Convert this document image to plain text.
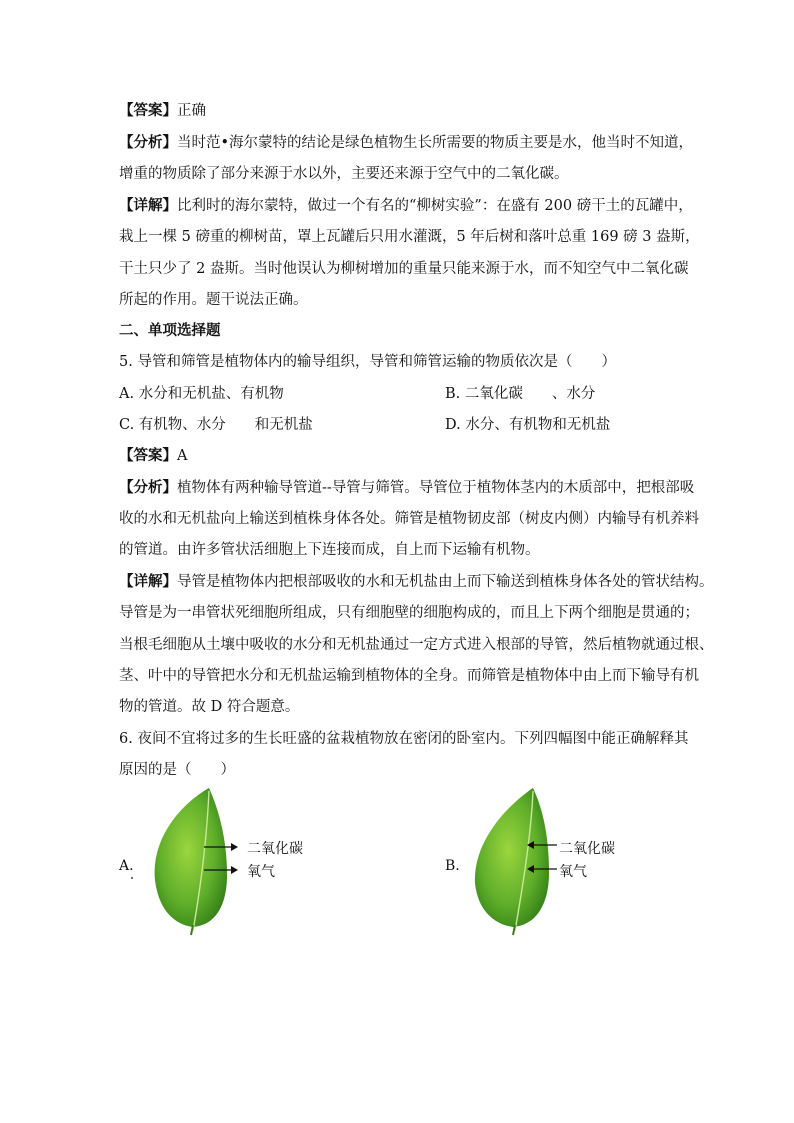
【答案】正确
【分析】当时范•海尔蒙特的结论是绿色植物生长所需要的物质主要是水，他当时不知道，
增重的物质除了部分来源于水以外，主要还来源于空气中的二氧化碳。
【详解】比利时的海尔蒙特，做过一个有名的“柳树实验”：在盛有 200 磅干土的瓦罐中，
栽上一棵 5 磅重的柳树苗，罩上瓦罐后只用水灌溉，5 年后树和落叶总重 169 磅 3 盎斯，
干土只少了 2 盎斯。当时他误认为柳树增加的重量只能来源于水，而不知空气中二氧化碳
所起的作用。题干说法正确。
二、单项选择题
5. 导管和筛管是植物体内的输导组织，导管和筛管运输的物质依次是（　　）
A. 水分和无机盐、有机物	B. 二氧化碳　　、水分
C. 有机物、水分　　和无机盐	D. 水分、有机物和无机盐
【答案】A
【分析】植物体有两种输导管道--导管与筛管。导管位于植物体茎内的木质部中，把根部吸
收的水和无机盐向上输送到植株身体各处。筛管是植物韧皮部（树皮内侧）内输导有机养料
的管道。由许多管状活细胞上下连接而成，自上而下运输有机物。
【详解】导管是植物体内把根部吸收的水和无机盐由上而下输送到植株身体各处的管状结构。
导管是为一串管状死细胞所组成，只有细胞壁的细胞构成的，而且上下两个细胞是贯通的；
当根毛细胞从土壤中吸收的水分和无机盐通过一定方式进入根部的导管，然后植物就通过根、
茎、叶中的导管把水分和无机盐运输到植物体的全身。而筛管是植物体中由上而下输导有机
物的管道。故 D 符合题意。
6. 夜间不宜将过多的生长旺盛的盆栽植物放在密闭的卧室内。下列四幅图中能正确解释其
原因的是（　　）
A.
二氧化碳
氧气	B.
二氧化碳
氧气
